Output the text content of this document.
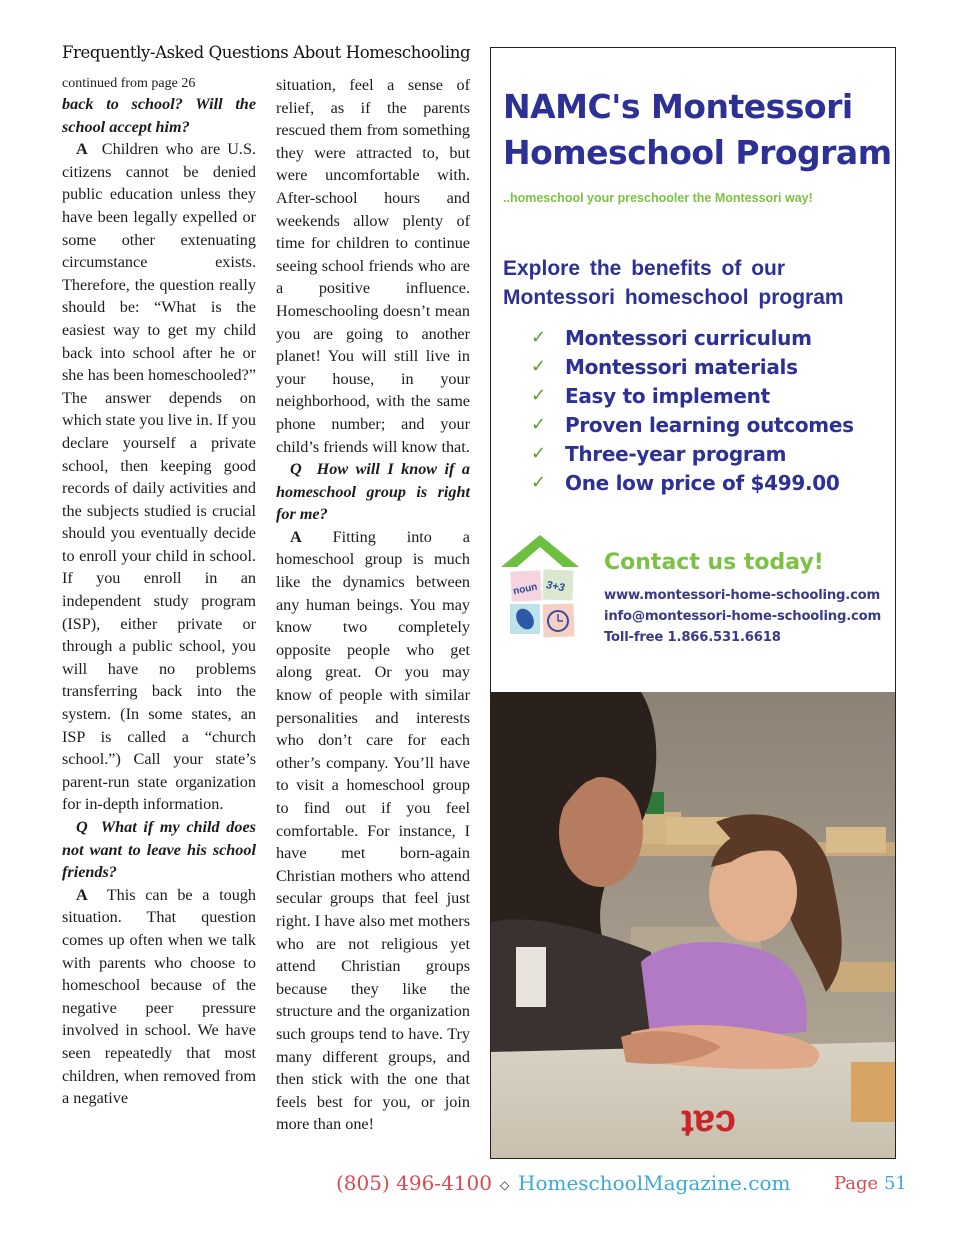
Frequently-Asked Questions About Homeschooling

continued from page 26

back to school? Will the school accept him?

A Children who are U.S. citizens cannot be denied public education unless they have been legally expelled or some other extenuating circumstance exists. Therefore, the question really should be: “What is the easiest way to get my child back into school after he or she has been homeschooled?” The answer depends on which state you live in. If you declare yourself a private school, then keeping good records of daily activities and the subjects studied is crucial should you eventually decide to enroll your child in school. If you enroll in an independent study program (ISP), either private or through a public school, you will have no problems transferring back into the system. (In some states, an ISP is called a “church school.”) Call your state’s parent-run state organization for in-depth information.

Q What if my child does not want to leave his school friends?

A This can be a tough situation. That question comes up often when we talk with parents who choose to homeschool because of the negative peer pressure involved in school. We have seen repeatedly that most children, when removed from a negative

situation, feel a sense of relief, as if the parents rescued them from something they were attracted to, but were uncomfortable with. After-school hours and weekends allow plenty of time for children to continue seeing school friends who are a positive influence. Homeschooling doesn’t mean you are going to another planet! You will still live in your house, in your neighborhood, with the same phone number; and your child’s friends will know that.

Q How will I know if a homeschool group is right for me?

A Fitting into a homeschool group is much like the dynamics between any human beings. You may know two completely opposite people who get along great. Or you may know of people with similar personalities and interests who don’t care for each other’s company. You’ll have to visit a homeschool group to find out if you feel comfortable. For instance, I have met born-again Christian mothers who attend secular groups that feel just right. I have also met mothers who are not religious yet attend Christian groups because they like the structure and the organization such groups tend to have. Try many different groups, and then stick with the one that feels best for you, or join more than one!

NAMC's Montessori
Homeschool Program
..homeschool your preschooler the Montessori way!
Explore the benefits of our
Montessori homeschool program
✓ Montessori curriculum
✓ Montessori materials
✓ Easy to implement
✓ Proven learning outcomes
✓ Three-year program
✓ One low price of $499.00
noun 3+3
Contact us today!
www.montessori-home-schooling.com
info@montessori-home-schooling.com
Toll-free 1.866.531.6618
cat
(805) 496-4100 ◇ HomeschoolMagazine.com Page 51
